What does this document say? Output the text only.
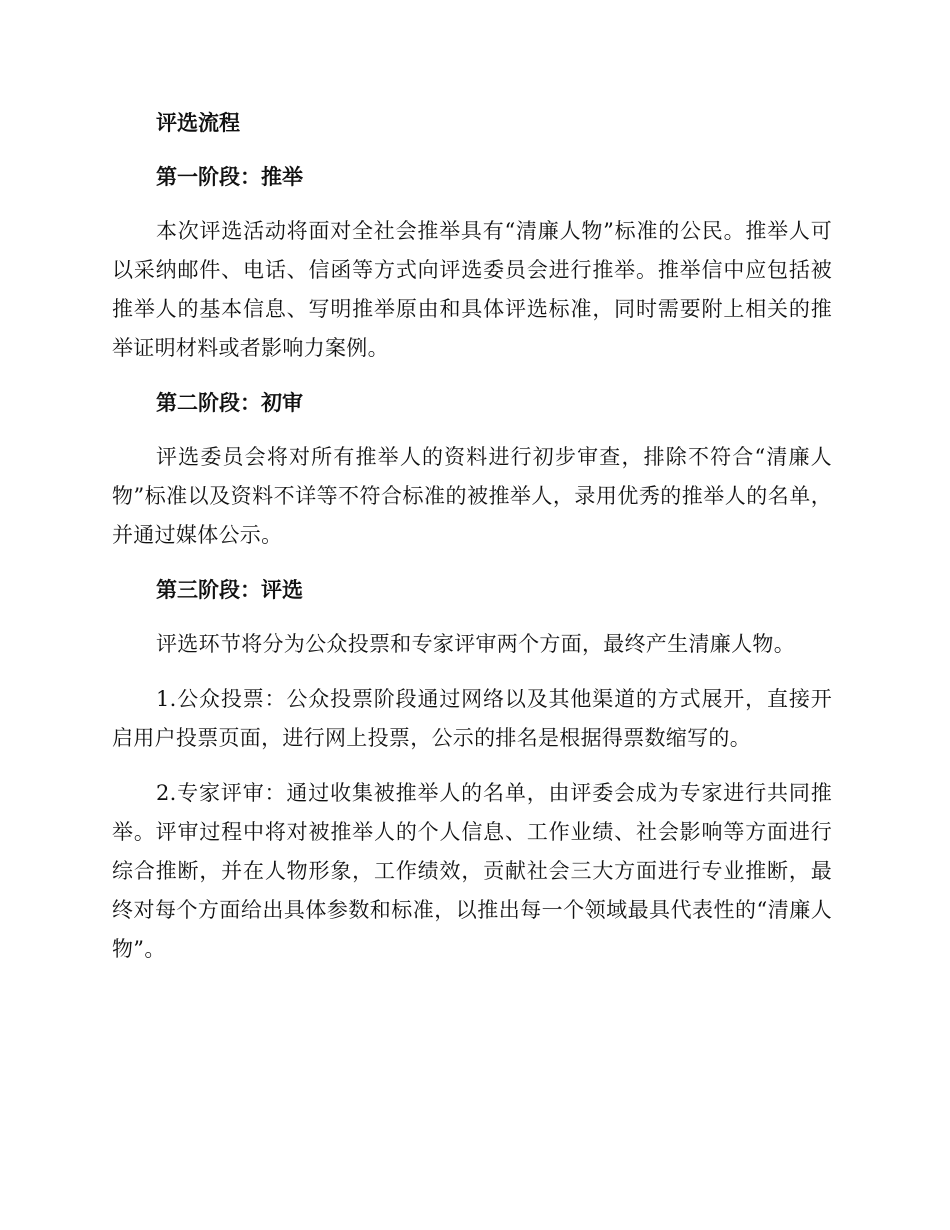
评选流程
第一阶段：推举

本次评选活动将面对全社会推举具有“清廉人物”标准的公民。推举人可以采纳邮件、电话、信函等方式向评选委员会进行推举。推举信中应包括被推举人的基本信息、写明推举原由和具体评选标准，同时需要附上相关的推举证明材料或者影响力案例。

第二阶段：初审

评选委员会将对所有推举人的资料进行初步审查，排除不符合“清廉人物”标准以及资料不详等不符合标准的被推举人，录用优秀的推举人的名单，并通过媒体公示。

第三阶段：评选

评选环节将分为公众投票和专家评审两个方面，最终产生清廉人物。

1.公众投票：公众投票阶段通过网络以及其他渠道的方式展开，直接开启用户投票页面，进行网上投票，公示的排名是根据得票数缩写的。

2.专家评审：通过收集被推举人的名单，由评委会成为专家进行共同推举。评审过程中将对被推举人的个人信息、工作业绩、社会影响等方面进行综合推断，并在人物形象，工作绩效，贡献社会三大方面进行专业推断，最终对每个方面给出具体参数和标准，以推出每一个领域最具代表性的“清廉人物”。
